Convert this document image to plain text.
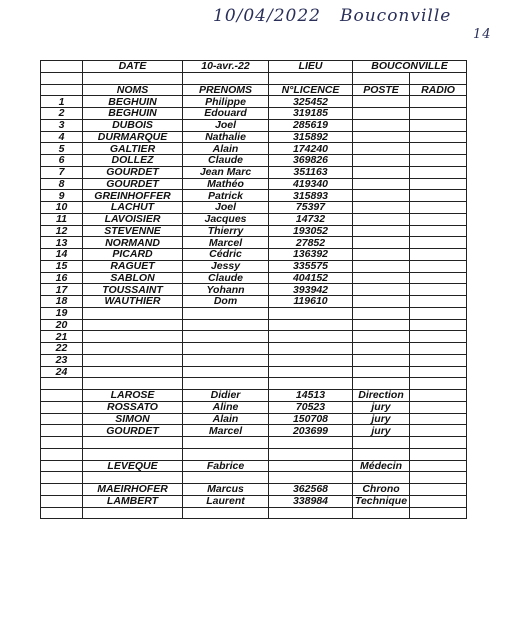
10/04/2022 Bouconville
14
	DATE	10-avr.-22	LIEU	BOUCONVILLE	

	NOMS	PRENOMS	N°LICENCE	POSTE	RADIO
1	BEGHUIN	Philippe	325452		
2	BEGHUIN	Edouard	319185		
3	DUBOIS	Joel	285619		
4	DURMARQUE	Nathalie	315892		
5	GALTIER	Alain	174240		
6	DOLLEZ	Claude	369826		
7	GOURDET	Jean Marc	351163		
8	GOURDET	Mathéo	419340		
9	GREINHOFFER	Patrick	315893		
10	LACHUT	Joel	75397		
11	LAVOISIER	Jacques	14732		
12	STEVENNE	Thierry	193052		
13	NORMAND	Marcel	27852		
14	PICARD	Cédric	136392		
15	RAGUET	Jessy	335575		
16	SABLON	Claude	404152		
17	TOUSSAINT	Yohann	393942		
18	WAUTHIER	Dom	119610		
19					
20					
21					
22					
23					
24					

	LAROSE	Didier	14513	Direction	
	ROSSATO	Aline	70523	jury	
	SIMON	Alain	150708	jury	
	GOURDET	Marcel	203699	jury	

	LEVEQUE	Fabrice		Médecin	

	MAEIRHOFER	Marcus	362568	Chrono	
	LAMBERT	Laurent	338984	Technique	
